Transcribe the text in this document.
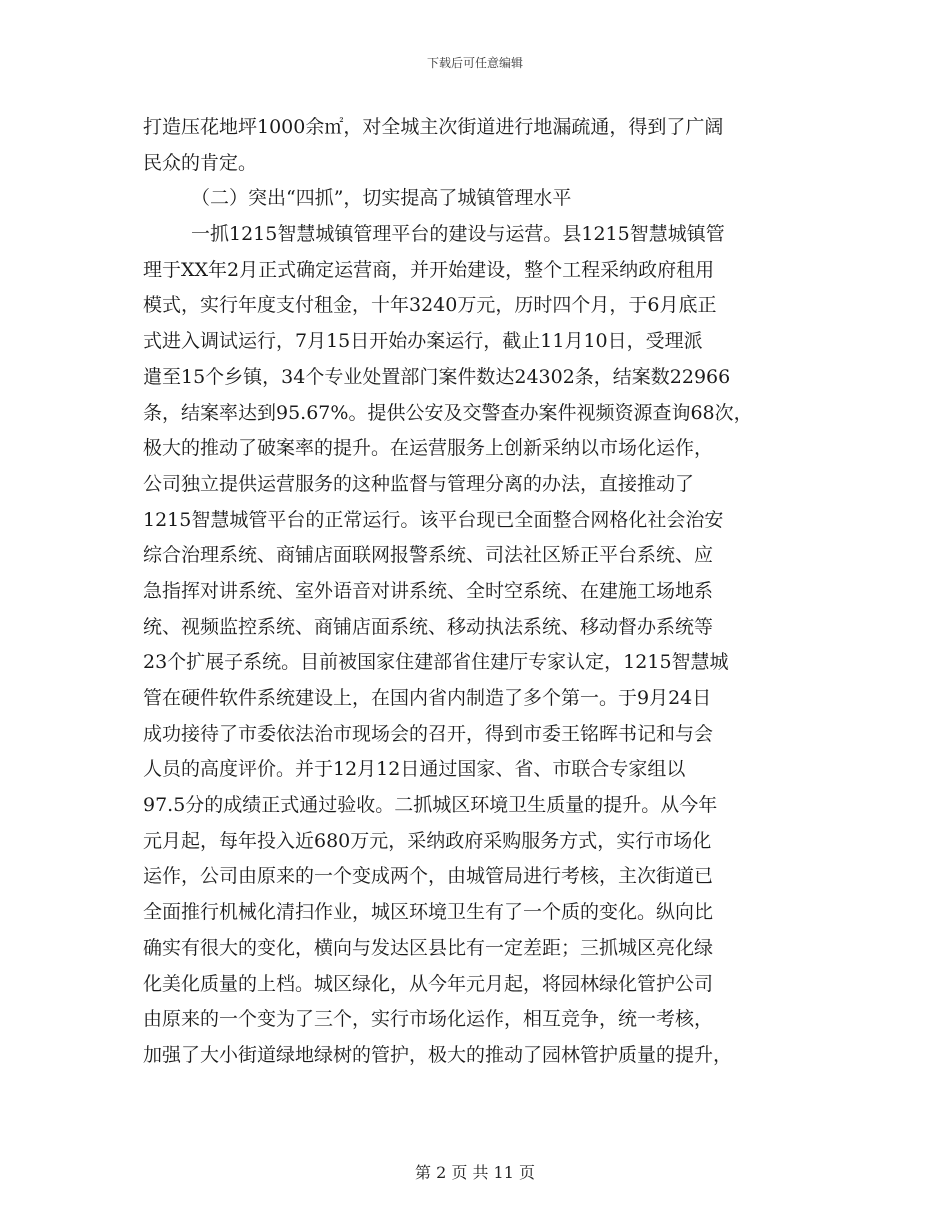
下载后可任意编辑
打造压花地坪1000余㎡，对全城主次街道进行地漏疏通，得到了广阔
民众的肯定。
（二）突出“四抓”，切实提高了城镇管理水平
一抓1215智慧城镇管理平台的建设与运营。县1215智慧城镇管
理于XX年2月正式确定运营商，并开始建设，整个工程采纳政府租用
模式，实行年度支付租金，十年3240万元，历时四个月，于6月底正
式进入调试运行，7月15日开始办案运行，截止11月10日，受理派
遣至15个乡镇，34个专业处置部门案件数达24302条，结案数22966
条，结案率达到95.67%。提供公安及交警查办案件视频资源查询68次，
极大的推动了破案率的提升。在运营服务上创新采纳以市场化运作，
公司独立提供运营服务的这种监督与管理分离的办法，直接推动了
1215智慧城管平台的正常运行。该平台现已全面整合网格化社会治安
综合治理系统、商铺店面联网报警系统、司法社区矫正平台系统、应
急指挥对讲系统、室外语音对讲系统、全时空系统、在建施工场地系
统、视频监控系统、商铺店面系统、移动执法系统、移动督办系统等
23个扩展子系统。目前被国家住建部省住建厅专家认定，1215智慧城
管在硬件软件系统建设上，在国内省内制造了多个第一。于9月24日
成功接待了市委依法治市现场会的召开，得到市委王铭晖书记和与会
人员的高度评价。并于12月12日通过国家、省、市联合专家组以
97.5分的成绩正式通过验收。二抓城区环境卫生质量的提升。从今年
元月起，每年投入近680万元，采纳政府采购服务方式，实行市场化
运作，公司由原来的一个变成两个，由城管局进行考核，主次街道已
全面推行机械化清扫作业，城区环境卫生有了一个质的变化。纵向比
确实有很大的变化，横向与发达区县比有一定差距；三抓城区亮化绿
化美化质量的上档。城区绿化，从今年元月起，将园林绿化管护公司
由原来的一个变为了三个，实行市场化运作，相互竞争，统一考核，
加强了大小街道绿地绿树的管护，极大的推动了园林管护质量的提升，
第 2 页 共 11 页
